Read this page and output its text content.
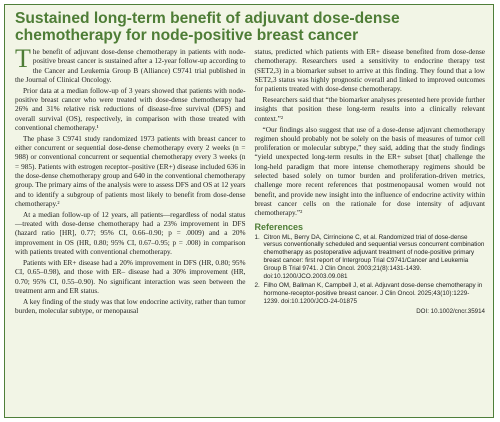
Sustained long-term benefit of adjuvant dose-dense chemotherapy for node-positive breast cancer

The benefit of adjuvant dose-dense chemotherapy in patients with node-positive breast cancer is sustained after a 12-year follow-up according to the Cancer and Leukemia Group B (Alliance) C9741 trial published in the Journal of Clinical Oncology.

Prior data at a median follow-up of 3 years showed that patients with node-positive breast cancer who were treated with dose-dense chemotherapy had 26% and 31% relative risk reductions of disease-free survival (DFS) and overall survival (OS), respectively, in comparison with those treated with conventional chemotherapy.¹

The phase 3 C9741 study randomized 1973 patients with breast cancer to either concurrent or sequential dose-dense chemotherapy every 2 weeks (n = 988) or conventional concurrent or sequential chemotherapy every 3 weeks (n = 985). Patients with estrogen receptor–positive (ER+) disease included 636 in the dose-dense chemotherapy group and 640 in the conventional chemotherapy group. The primary aims of the analysis were to assess DFS and OS at 12 years and to identify a subgroup of patients most likely to benefit from dose-dense chemotherapy.²

At a median follow-up of 12 years, all patients—regardless of nodal status—treated with dose-dense chemotherapy had a 23% improvement in DFS (hazard ratio [HR], 0.77; 95% CI, 0.66–0.90; p = .0009) and a 20% improvement in OS (HR, 0.80; 95% CI, 0.67–0.95; p = .008) in comparison with patients treated with conventional chemotherapy.

Patients with ER+ disease had a 20% improvement in DFS (HR, 0.80; 95% CI, 0.65–0.98), and those with ER– disease had a 30% improvement (HR, 0.70; 95% CI, 0.55–0.90). No significant interaction was seen between the treatment arm and ER status.

A key finding of the study was that low endocrine activity, rather than tumor burden, molecular subtype, or menopausal

status, predicted which patients with ER+ disease benefited from dose-dense chemotherapy. Researchers used a sensitivity to endocrine therapy test (SET2,3) in a biomarker subset to arrive at this finding. They found that a low SET2,3 status was highly prognostic overall and linked to improved outcomes for patients treated with dose-dense chemotherapy.

Researchers said that “the biomarker analyses presented here provide further insights that position these long-term results into a clinically relevant context.”²

“Our findings also suggest that use of a dose-dense adjuvant chemotherapy regimen should probably not be solely on the basis of measures of tumor cell proliferation or molecular subtype,” they said, adding that the study findings “yield unexpected long-term results in the ER+ subset [that] challenge the long-held paradigm that more intense chemotherapy regimens should be selected based solely on tumor burden and proliferation-driven metrics, challenge more recent references that postmenopausal women would not benefit, and provide new insight into the influence of endocrine activity within breast cancer cells on the rationale for dose intensity of adjuvant chemotherapy.”²

References
1. Citron ML, Berry DA, Cirrincione C, et al. Randomized trial of dose-dense versus conventionally scheduled and sequential versus concurrent combination chemotherapy as postoperative adjuvant treatment of node-positive primary breast cancer: first report of Intergroup Trial C9741/Cancer and Leukemia Group B Trial 9741. J Clin Oncol. 2003;21(8):1431-1439. doi:10.1200/JCO.2003.09.081
2. Filho OM, Ballman K, Campbell J, et al. Adjuvant dose-dense chemotherapy in hormone-receptor-positive breast cancer. J Clin Oncol. 2025;43(10):1229-1239. doi:10.1200/JCO-24-01875
DOI: 10.1002/cncr.35914
